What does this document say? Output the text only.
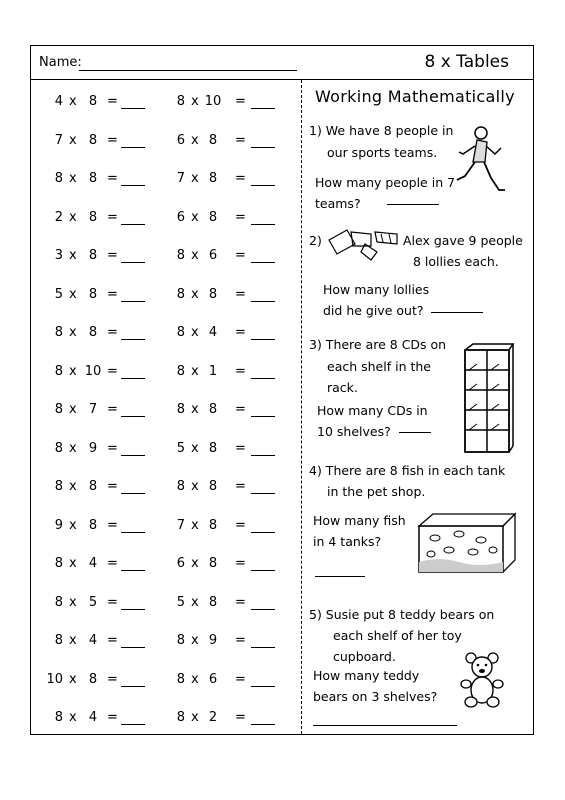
Name:	8 x Tables
4 x 8 =	8 x 10 =
7 x 8 =	6 x 8	=
8 x 8 =	7 x 8	=
2 x 8 =	6 x 8	=
3 x 8 =	8 x 6	=
5 x 8 =	8 x 8	=
8 x 8 =	8 x 4	=
8 x 10 =	8 x 1	=
8 x 7 =	8 x 8	=
8 x 9 =	5 x 8	=
8 x 8 =	8 x 8	=
9 x 8 =	7 x 8	=
8 x 4 =	6 x 8	=
8 x 5 =	5 x 8	=
8 x 4 =	8 x 9	=
10 x 8 =	8 x 6	=
8 x 4 =	8 x 2	=
Working Mathematically
1) We have 8 people in
our sports teams.
How many people in 7
teams?
2)	Alex gave 9 people
8 lollies each.
How many lollies
did he give out?
3) There are 8 CDs on
each shelf in the
rack.
How many CDs in
10 shelves?
4) There are 8 fish in each tank
in the pet shop.
How many fish
in 4 tanks?
5) Susie put 8 teddy bears on
each shelf of her toy
cupboard.
How many teddy
bears on 3 shelves?
